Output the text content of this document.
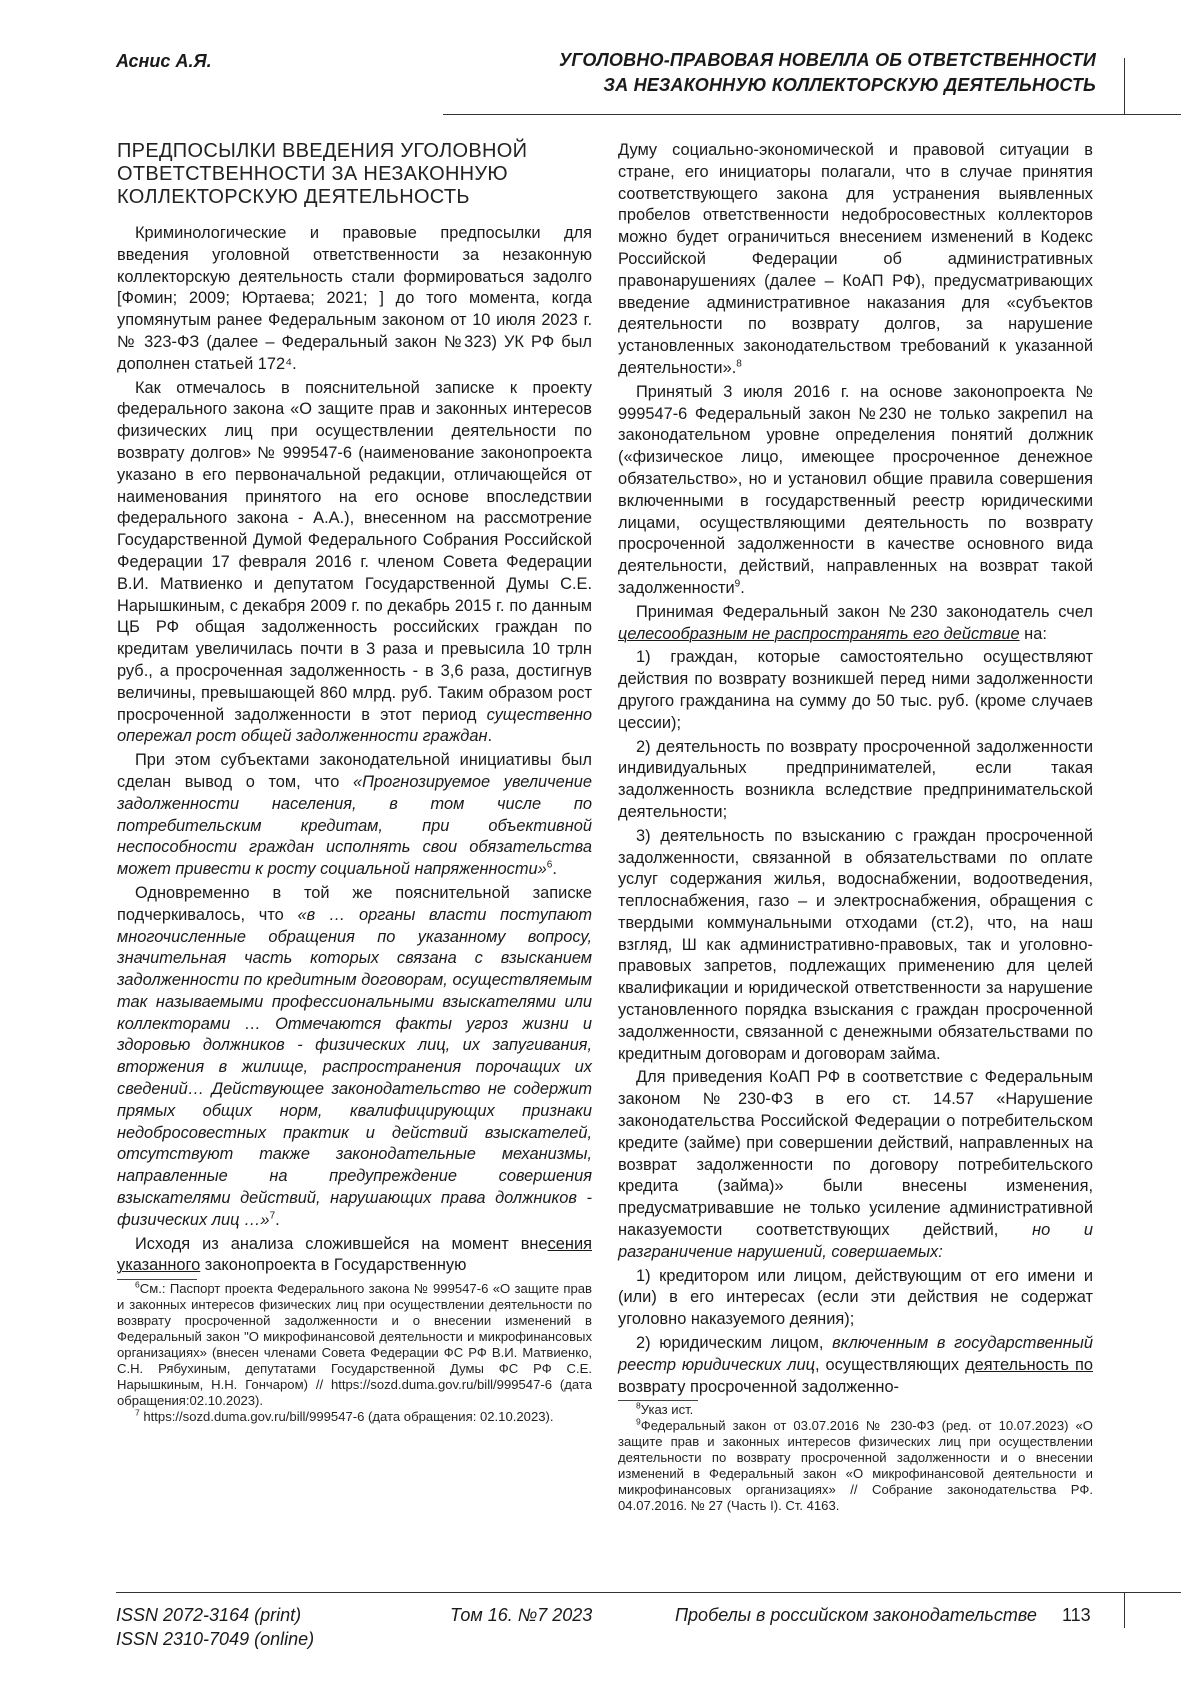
Аснис А.Я.	УГОЛОВНО-ПРАВОВАЯ НОВЕЛЛА ОБ ОТВЕТСТВЕННОСТИ
ЗА НЕЗАКОННУЮ КОЛЛЕКТОРСКУЮ ДЕЯТЕЛЬНОСТЬ
ПРЕДПОСЫЛКИ ВВЕДЕНИЯ УГОЛОВНОЙ ОТВЕТСТВЕННОСТИ ЗА НЕЗАКОННУЮ КОЛЛЕКТОРСКУЮ ДЕЯТЕЛЬНОСТЬ

Криминологические и правовые предпосылки для введения уголовной ответственности за незаконную коллекторскую деятельность стали формироваться задолго [Фомин; 2009; Юртаева; 2021; ] до того момента, когда упомянутым ранее Федеральным законом от 10 июля 2023 г. № 323-ФЗ (далее – Федеральный закон №323) УК РФ был дополнен статьей 172⁴.

Как отмечалось в пояснительной записке к проекту федерального закона «О защите прав и законных интересов физических лиц при осуществлении деятельности по возврату долгов» № 999547-6 (наименование законопроекта указано в его первоначальной редакции, отличающейся от наименования принятого на его основе впоследствии федерального закона - А.А.), внесенном на рассмотрение Государственной Думой Федерального Собрания Российской Федерации 17 февраля 2016 г. членом Совета Федерации В.И. Матвиенко и депутатом Государственной Думы С.Е. Нарышкиным, с декабря 2009 г. по декабрь 2015 г. по данным ЦБ РФ общая задолженность российских граждан по кредитам увеличилась почти в 3 раза и превысила 10 трлн руб., а просроченная задолженность - в 3,6 раза, достигнув величины, превышающей 860 млрд. руб. Таким образом рост просроченной задолженности в этот период существенно опережал рост общей задолженности граждан.

При этом субъектами законодательной инициативы был сделан вывод о том, что «Прогнозируемое увеличение задолженности населения, в том числе по потребительским кредитам, при объективной неспособности граждан исполнять свои обязательства может привести к росту социальной напряженности»6.

Одновременно в той же пояснительной записке подчеркивалось, что «в … органы власти поступают многочисленные обращения по указанному вопросу, значительная часть которых связана с взысканием задолженности по кредитным договорам, осуществляемым так называемыми профессиональными взыскателями или коллекторами … Отмечаются факты угроз жизни и здоровью должников - физических лиц, их запугивания, вторжения в жилище, распространения порочащих их сведений… Действующее законодательство не содержит прямых общих норм, квалифицирующих признаки недобросовестных практик и действий взыскателей, отсутствуют также законодательные механизмы, направленные на предупреждение совершения взыскателями действий, нарушающих права должников - физических лиц …»7.

Исходя из анализа сложившейся на момент внесения указанного законопроекта в Государственную

6См.: Паспорт проекта Федерального закона № 999547-6 «О защите прав и законных интересов физических лиц при осуществлении деятельности по возврату просроченной задолженности и о внесении изменений в Федеральный закон "О микрофинансовой деятельности и микрофинансовых организациях» (внесен членами Совета Федерации ФС РФ В.И. Матвиенко, С.Н. Рябухиным, депутатами Государственной Думы ФС РФ С.Е. Нарышкиным, Н.Н. Гончаром) // https://sozd.duma.gov.ru/bill/999547-6 (дата обращения:02.10.2023).

7 https://sozd.duma.gov.ru/bill/999547-6 (дата обращения: 02.10.2023).

Думу социально-экономической и правовой ситуации в стране, его инициаторы полагали, что в случае принятия соответствующего закона для устранения выявленных пробелов ответственности недобросовестных коллекторов можно будет ограничиться внесением изменений в Кодекс Российской Федерации об административных правонарушениях (далее – КоАП РФ), предусматривающих введение административное наказания для «субъектов деятельности по возврату долгов, за нарушение установленных законодательством требований к указанной деятельности».8

Принятый 3 июля 2016 г. на основе законопроекта № 999547-6 Федеральный закон №230 не только закрепил на законодательном уровне определения понятий должник («физическое лицо, имеющее просроченное денежное обязательство», но и установил общие правила совершения включенными в государственный реестр юридическими лицами, осуществляющими деятельность по возврату просроченной задолженности в качестве основного вида деятельности, действий, направленных на возврат такой задолженности9.

Принимая Федеральный закон №230 законодатель счел целесообразным не распространять его действие на:

1) граждан, которые самостоятельно осуществляют действия по возврату возникшей перед ними задолженности другого гражданина на сумму до 50 тыс. руб. (кроме случаев цессии);

2) деятельность по возврату просроченной задолженности индивидуальных предпринимателей, если такая задолженность возникла вследствие предпринимательской деятельности;

3) деятельность по взысканию с граждан просроченной задолженности, связанной в обязательствами по оплате услуг содержания жилья, водоснабжении, водоотведения, теплоснабжения, газо – и электроснабжения, обращения с твердыми коммунальными отходами (ст.2), что, на наш взгляд, Ш как административно-правовых, так и уголовно-правовых запретов, подлежащих применению для целей квалификации и юридической ответственности за нарушение установленного порядка взыскания с граждан просроченной задолженности, связанной с денежными обязательствами по кредитным договорам и договорам займа.

Для приведения КоАП РФ в соответствие с Федеральным законом №230-ФЗ в его ст. 14.57 «Нарушение законодательства Российской Федерации о потребительском кредите (займе) при совершении действий, направленных на возврат задолженности по договору потребительского кредита (займа)» были внесены изменения, предусматривавшие не только усиление административной наказуемости соответствующих действий, но и разграничение нарушений, совершаемых:

1) кредитором или лицом, действующим от его имени и (или) в его интересах (если эти действия не содержат уголовно наказуемого деяния);

2) юридическим лицом, включенным в государственный реестр юридических лиц, осуществляющих деятельность по возврату просроченной задолженно-

8Указ ист.

9Федеральный закон от 03.07.2016 № 230-ФЗ (ред. от 10.07.2023) «О защите прав и законных интересов физических лиц при осуществлении деятельности по возврату просроченной задолженности и о внесении изменений в Федеральный закон «О микрофинансовой деятельности и микрофинансовых организациях» // Собрание законодательства РФ. 04.07.2016. № 27 (Часть I). Ст. 4163.

ISSN 2072-3164 (print)
ISSN 2310-7049 (online)
Том 16. №7 2023	Пробелы в российском законодательстве 113
